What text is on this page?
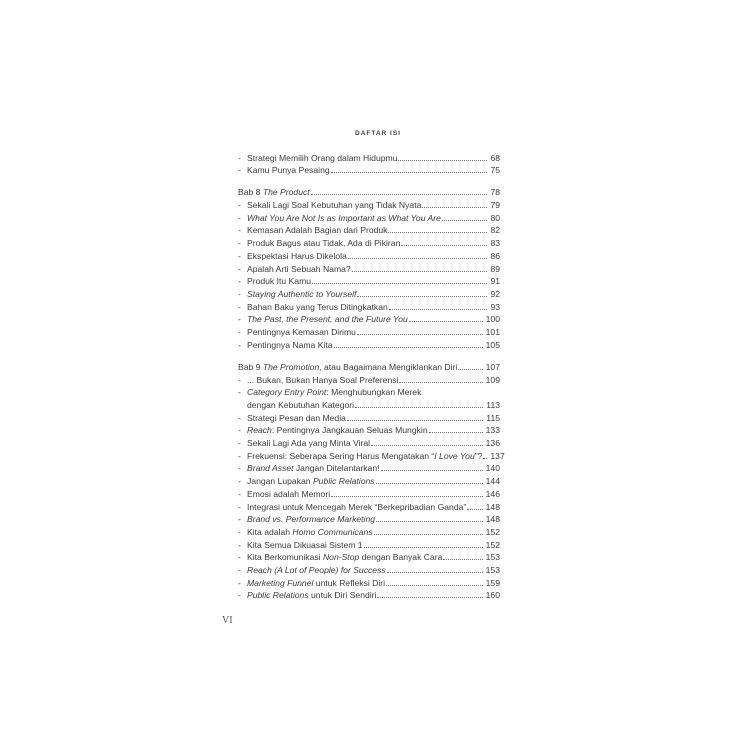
DAFTAR ISI
- Strategi Memilih Orang dalam Hidupmu	68
- Kamu Punya Pesaing	75
Bab 8 The Product	78
- Sekali Lagi Soal Kebutuhan yang Tidak Nyata	79
- What You Are Not Is as Important as What You Are	80
- Kemasan Adalah Bagian dari Produk	82
- Produk Bagus atau Tidak, Ada di Pikiran	83
- Ekspektasi Harus Dikelola	86
- Apalah Arti Sebuah Nama?	89
- Produk Itu Kamu	91
- Staying Authentic to Yourself	92
- Bahan Baku yang Terus Ditingkatkan	93
- The Past, the Present, and the Future You	100
- Pentingnya Kemasan Dirimu	101
- Pentingnya Nama Kita	105
Bab 9 The Promotion, atau Bagaimana Mengiklankan Diri	107
- ... Bukan, Bukan Hanya Soal Preferensi	109
- Category Entry Point: Menghubungkan Merek
dengan Kebutuhan Kategori	113
- Strategi Pesan dan Media	115
- Reach: Pentingnya Jangkauan Seluas Mungkin	133
- Sekali Lagi Ada yang Minta Viral	136
- Frekuensi: Seberapa Sering Harus Mengatakan “I Love You”? 137
- Brand Asset Jangan Ditelantarkan!	140
- Jangan Lupakan Public Relations	144
- Emosi adalah Memori	146
- Integrasi untuk Mencegah Merek “Berkepribadian Ganda” 148
- Brand vs. Performance Marketing	148
- Kita adalah Homo Communicans	152
- Kita Semua Dikuasai Sistem 1	152
- Kita Berkomunikasi Non-Stop dengan Banyak Cara	153
- Reach (A Lot of People) for Success	153
- Marketing Funnel untuk Refleksi Diri	159
- Public Relations untuk Diri Sendiri	160
VI
